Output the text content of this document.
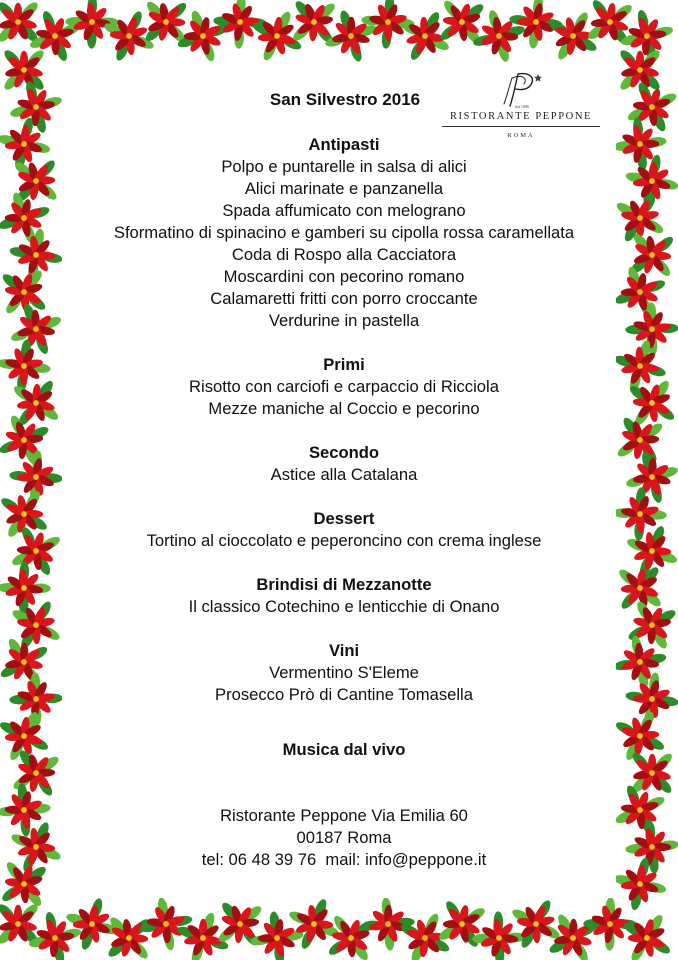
dal 1896
RISTORANTE PEPPONE
ROMA
San Silvestro 2016
Antipasti
Polpo e puntarelle in salsa di alici
Alici marinate e panzanella
Spada affumicato con melograno
Sformatino di spinacino e gamberi su cipolla rossa caramellata
Coda di Rospo alla Cacciatora
Moscardini con pecorino romano
Calamaretti fritti con porro croccante
Verdurine in pastella
Primi
Risotto con carciofi e carpaccio di Ricciola
Mezze maniche al Coccio e pecorino
Secondo
Astice alla Catalana
Dessert
Tortino al cioccolato e peperoncino con crema inglese
Brindisi di Mezzanotte
Il classico Cotechino e lenticchie di Onano
Vini
Vermentino S'Eleme
Prosecco Prò di Cantine Tomasella
Musica dal vivo
Ristorante Peppone Via Emilia 60
00187 Roma
tel: 06 48 39 76  mail: info@peppone.it
